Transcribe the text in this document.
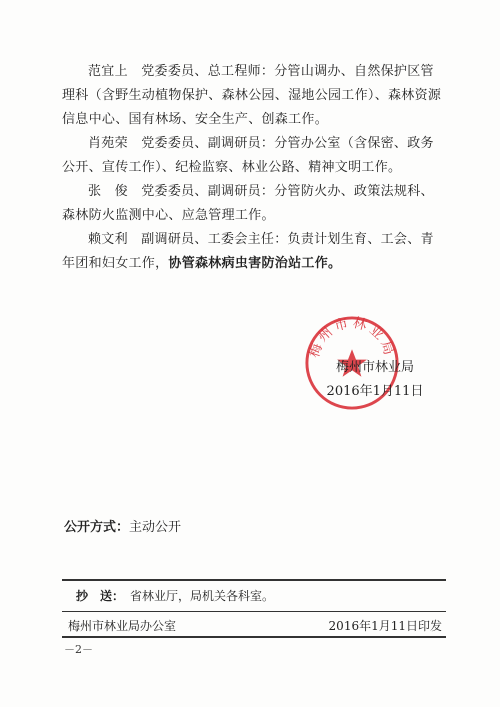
范宜上　 党委委员、总工程师：分管山调办、自然保护区管理科（含野生动植物保护、森林公园、湿地公园工作）、森林资源信息中心、国有林场、安全生产、创森工作。

肖苑荣　 党委委员、副调研员：分管办公室（含保密、政务公开、宣传工作）、纪检监察、林业公路、精神文明工作。

张　俊　 党委委员、副调研员：分管防火办、政策法规科、森林防火监测中心、应急管理工作。

赖文利　 副调研员、工委会主任：负责计划生育、工会、青年团和妇女工作，协管森林病虫害防治站工作。

梅州市林业局
梅州市林业局
2016年1月11日
公开方式：主动公开
抄　送： 省林业厅，局机关各科室。
梅州市林业局办公室	2016年1月11日印发
－2－
